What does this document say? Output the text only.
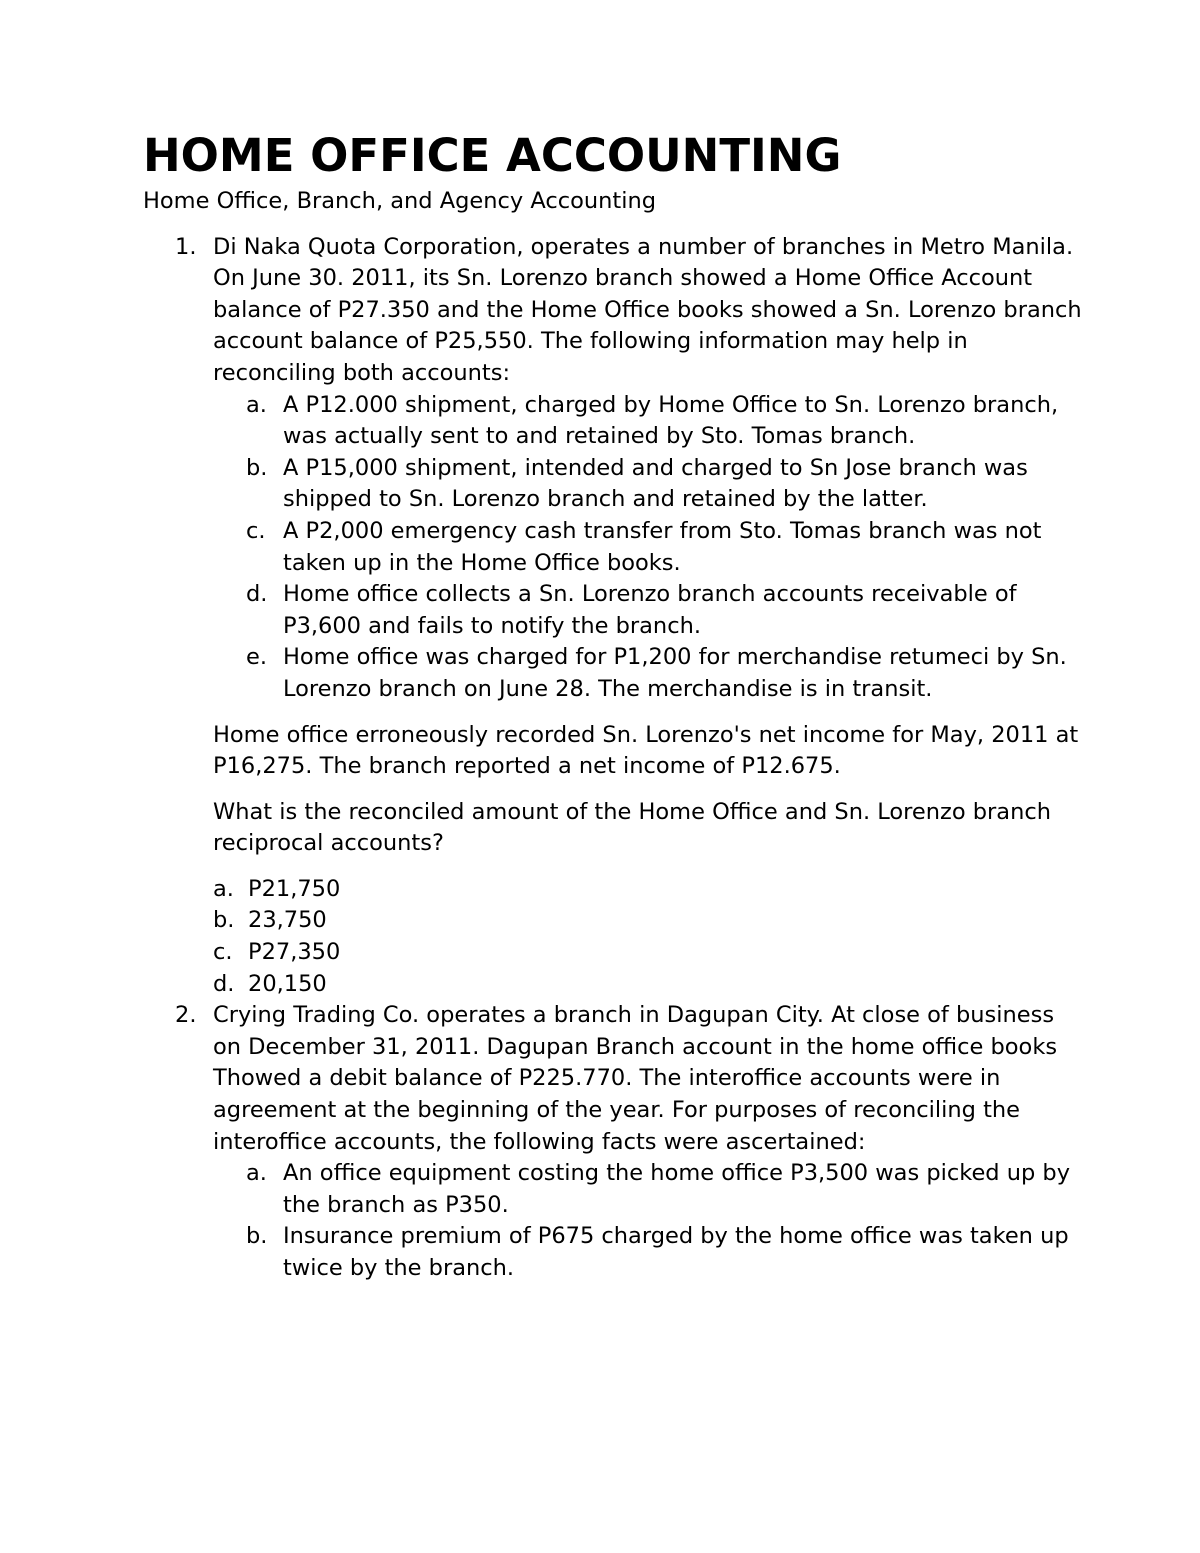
HOME OFFICE ACCOUNTING

Home Office, Branch, and Agency Accounting

1. Di Naka Quota Corporation, operates a number of branches in Metro Manila. On June 30. 2011, its Sn. Lorenzo branch showed a Home Office Account balance of P27.350 and the Home Office books showed a Sn. Lorenzo branch account balance of P25,550. The following information may help in reconciling both accounts:
a. A P12.000 shipment, charged by Home Office to Sn. Lorenzo branch, was actually sent to and retained by Sto. Tomas branch.
b. A P15,000 shipment, intended and charged to Sn Jose branch was shipped to Sn. Lorenzo branch and retained by the latter.
c. A P2,000 emergency cash transfer from Sto. Tomas branch was not taken up in the Home Office books.
d. Home office collects a Sn. Lorenzo branch accounts receivable of P3,600 and fails to notify the branch.
e. Home office was charged for P1,200 for merchandise retumeci by Sn. Lorenzo branch on June 28. The merchandise is in transit.

Home office erroneously recorded Sn. Lorenzo's net income for May, 2011 at P16,275. The branch reported a net income of P12.675.

What is the reconciled amount of the Home Office and Sn. Lorenzo branch reciprocal accounts?

a. P21,750
b. 23,750
c. P27,350
d. 20,150
2. Crying Trading Co. operates a branch in Dagupan City. At close of business on December 31, 2011. Dagupan Branch account in the home office books Thowed a debit balance of P225.770. The interoffice accounts were in agreement at the beginning of the year. For purposes of reconciling the interoffice accounts, the following facts were ascertained:
a. An office equipment costing the home office P3,500 was picked up by the branch as P350.
b. Insurance premium of P675 charged by the home office was taken up twice by the branch.
